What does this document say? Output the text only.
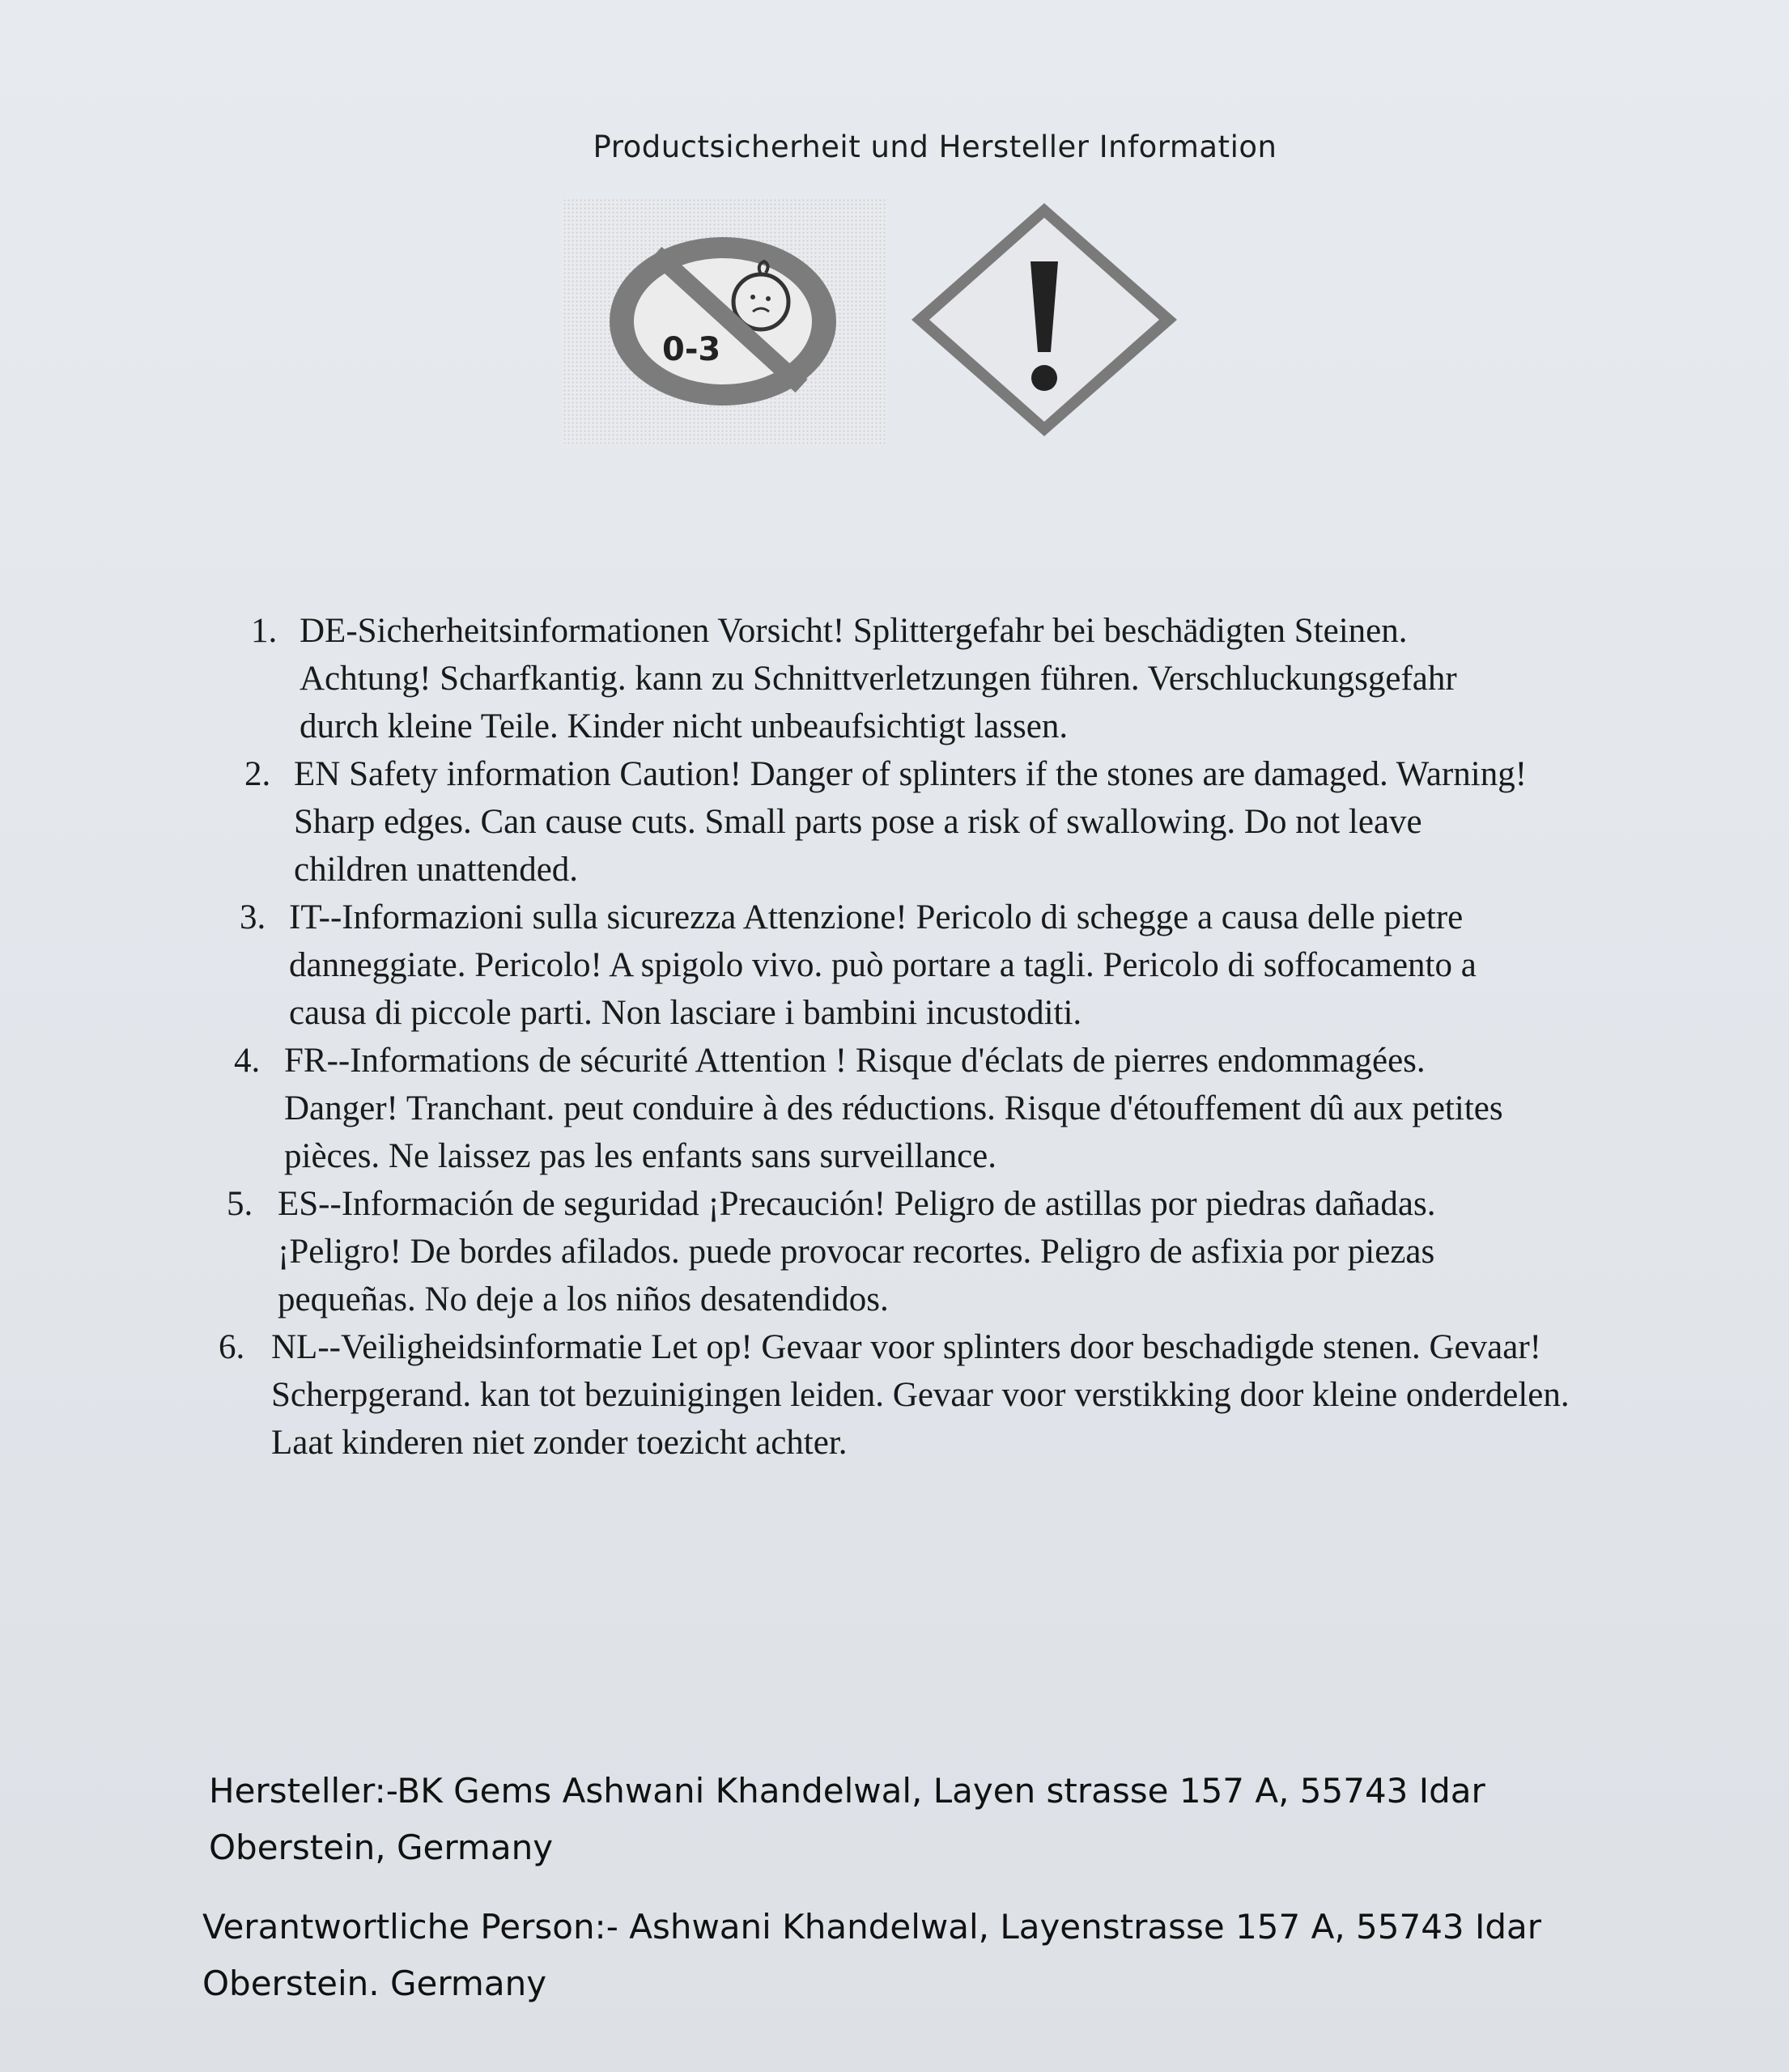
Productsicherheit und Hersteller Information
0-3
1. DE-Sicherheitsinformationen Vorsicht! Splittergefahr bei beschädigten Steinen. Achtung! Scharfkantig. kann zu Schnittverletzungen führen. Verschluckungsgefahr durch kleine Teile. Kinder nicht unbeaufsichtigt lassen.
2. EN Safety information Caution! Danger of splinters if the stones are damaged. Warning! Sharp edges. Can cause cuts. Small parts pose a risk of swallowing. Do not leave children unattended.
3. IT--Informazioni sulla sicurezza Attenzione! Pericolo di schegge a causa delle pietre danneggiate. Pericolo! A spigolo vivo. può portare a tagli. Pericolo di soffocamento a causa di piccole parti. Non lasciare i bambini incustoditi.
4. FR--Informations de sécurité Attention ! Risque d'éclats de pierres endommagées. Danger! Tranchant. peut conduire à des réductions. Risque d'étouffement dû aux petites pièces. Ne laissez pas les enfants sans surveillance.
5. ES--Información de seguridad ¡Precaución! Peligro de astillas por piedras dañadas. ¡Peligro! De bordes afilados. puede provocar recortes. Peligro de asfixia por piezas pequeñas. No deje a los niños desatendidos.
6. NL--Veiligheidsinformatie Let op! Gevaar voor splinters door beschadigde stenen. Gevaar! Scherpgerand. kan tot bezuinigingen leiden. Gevaar voor verstikking door kleine onderdelen. Laat kinderen niet zonder toezicht achter.
Hersteller:-BK Gems Ashwani Khandelwal, Layen strasse 157 A, 55743 Idar Oberstein, Germany
Verantwortliche Person:- Ashwani Khandelwal, Layenstrasse 157 A, 55743 Idar Oberstein. Germany
